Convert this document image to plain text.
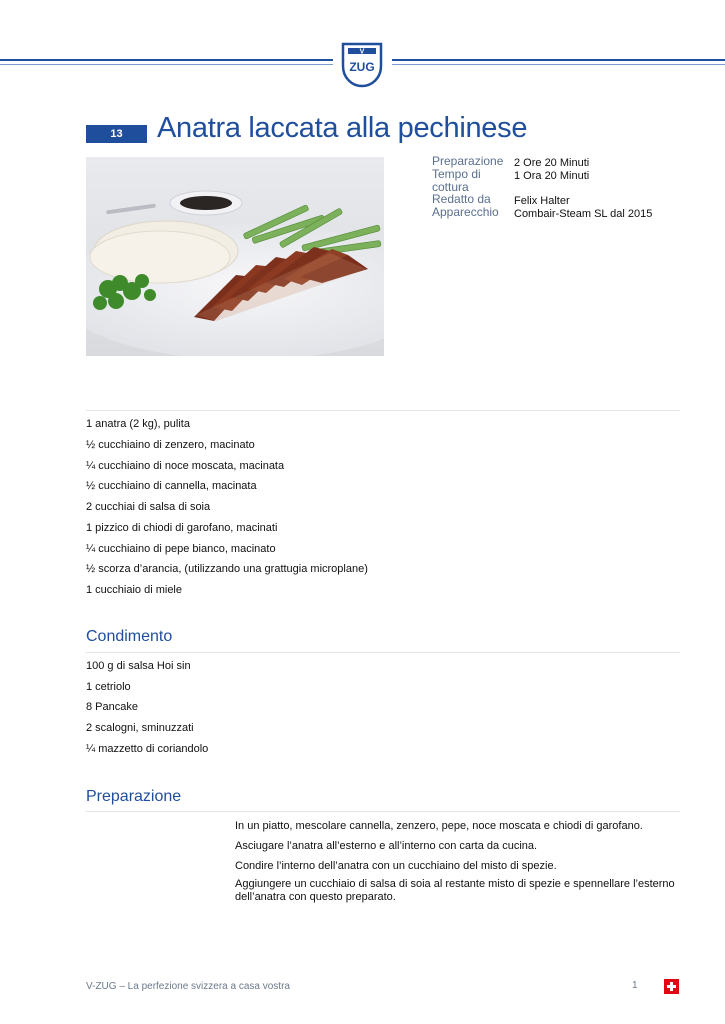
V
ZUG
13	Anatra laccata alla pechinese
Preparazione
Tempo di
cottura
Redatto da
Apparecchio
2 Ore 20 Minuti
1 Ora 20 Minuti
Felix Halter
Combair-Steam SL dal 2015
1 anatra (2 kg), pulita
½ cucchiaino di zenzero, macinato
¼ cucchiaino di noce moscata, macinata
½ cucchiaino di cannella, macinata
2 cucchiai di salsa di soia
1 pizzico di chiodi di garofano, macinati
¼ cucchiaino di pepe bianco, macinato
½ scorza d’arancia, (utilizzando una grattugia microplane)
1 cucchiaio di miele
Condimento
100 g di salsa Hoi sin
1 cetriolo
8 Pancake
2 scalogni, sminuzzati
¼ mazzetto di coriandolo
Preparazione
In un piatto, mescolare cannella, zenzero, pepe, noce moscata e chiodi di garofano.
Asciugare l’anatra all’esterno e all’interno con carta da cucina.
Condire l’interno dell’anatra con un cucchiaino del misto di spezie.
Aggiungere un cucchiaio di salsa di soia al restante misto di spezie e spennellare l’esterno dell’anatra con questo preparato.
V-ZUG – La perfezione svizzera a casa vostra	1
